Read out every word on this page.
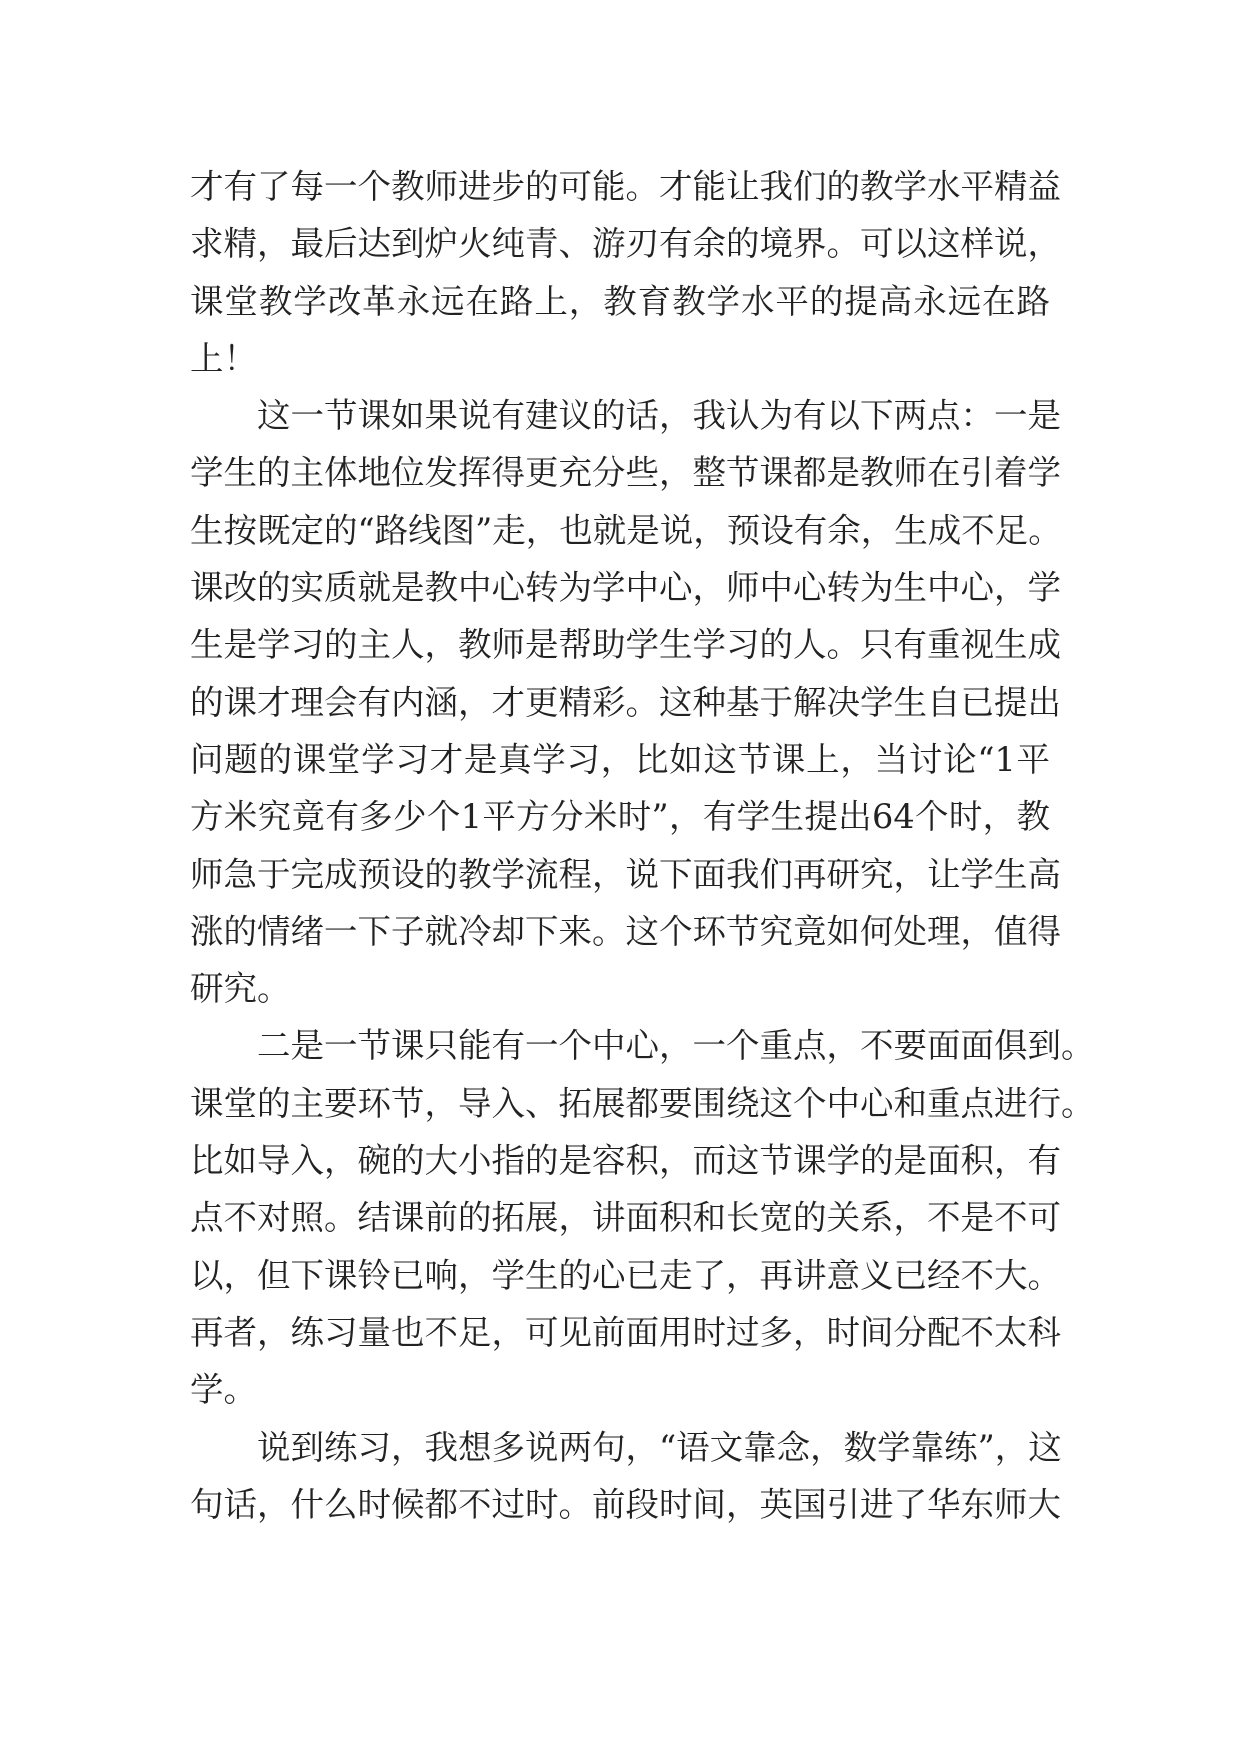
才有了每一个教师进步的可能。才能让我们的教学水平精益
求精，最后达到炉火纯青、游刃有余的境界。可以这样说，
课堂教学改革永远在路上，教育教学水平的提高永远在路
上！
这一节课如果说有建议的话，我认为有以下两点：一是
学生的主体地位发挥得更充分些，整节课都是教师在引着学
生按既定的“路线图”走，也就是说，预设有余，生成不足。
课改的实质就是教中心转为学中心，师中心转为生中心，学
生是学习的主人，教师是帮助学生学习的人。只有重视生成
的课才理会有内涵，才更精彩。这种基于解决学生自已提出
问题的课堂学习才是真学习，比如这节课上，当讨论“1平
方米究竟有多少个1平方分米时”，有学生提出64个时，教
师急于完成预设的教学流程，说下面我们再研究，让学生高
涨的情绪一下子就冷却下来。这个环节究竟如何处理，值得
研究。
二是一节课只能有一个中心，一个重点，不要面面俱到。
课堂的主要环节，导入、拓展都要围绕这个中心和重点进行。
比如导入，碗的大小指的是容积，而这节课学的是面积，有
点不对照。结课前的拓展，讲面积和长宽的关系，不是不可
以，但下课铃已响，学生的心已走了，再讲意义已经不大。
再者，练习量也不足，可见前面用时过多，时间分配不太科
学。
说到练习，我想多说两句，“语文靠念，数学靠练”，这
句话，什么时候都不过时。前段时间，英国引进了华东师大
